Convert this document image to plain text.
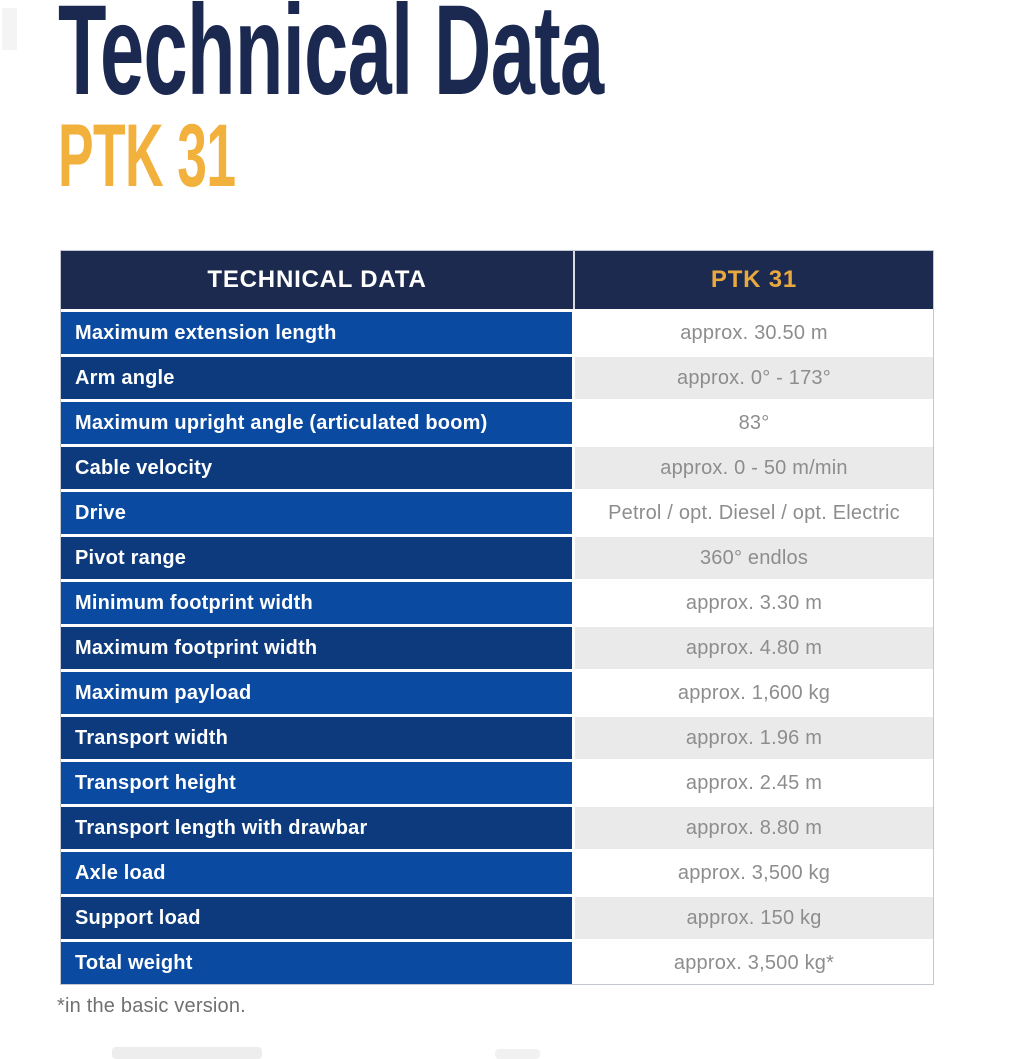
Technical Data
PTK 31
TECHNICAL DATA	PTK 31
Maximum extension length	approx. 30.50 m
Arm angle	approx. 0° - 173°
Maximum upright angle (articulated boom)	83°
Cable velocity	approx. 0 - 50 m/min
Drive	Petrol / opt. Diesel / opt. Electric
Pivot range	360° endlos
Minimum footprint width	approx. 3.30 m
Maximum footprint width	approx. 4.80 m
Maximum payload	approx. 1,600 kg
Transport width	approx. 1.96 m
Transport height	approx. 2.45 m
Transport length with drawbar	approx. 8.80 m
Axle load	approx. 3,500 kg
Support load	approx. 150 kg
Total weight	approx. 3,500 kg*

*in the basic version.
